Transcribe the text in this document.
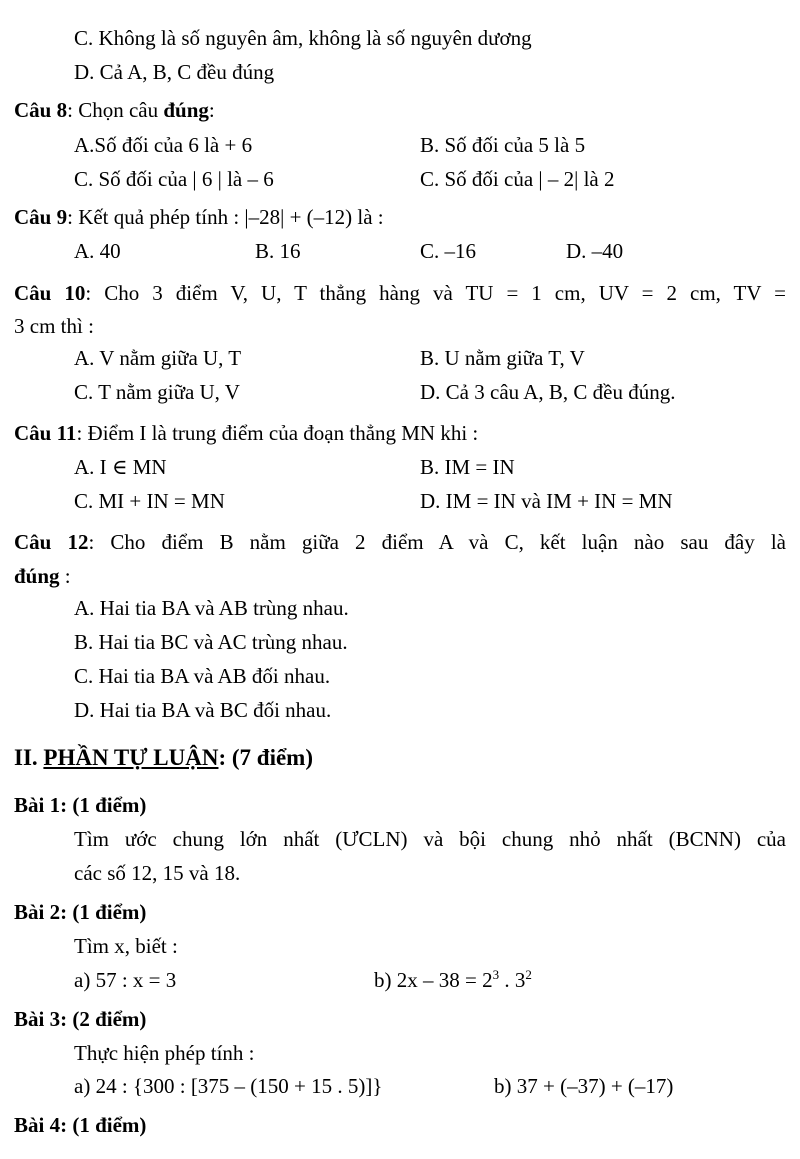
C. Không là số nguyên âm, không là số nguyên dương
D. Cả A, B, C đều đúng
Câu 8: Chọn câu đúng:
A.Số đối của 6 là + 6	B. Số đối của 5 là 5
C. Số đối của | 6 | là – 6	C. Số đối của | – 2| là 2
Câu 9: Kết quả phép tính : |–28| + (–12) là :
A. 40	B. 16	C. –16	D. –40
Câu 10: Cho 3 điểm V, U, T thẳng hàng và TU = 1 cm, UV = 2 cm, TV =
3 cm thì :
A. V nằm giữa U, T	B. U nằm giữa T, V
C. T nằm giữa U, V	D. Cả 3 câu A, B, C đều đúng.
Câu 11: Điểm I là trung điểm của đoạn thẳng MN khi :
A. I ∈ MN	B. IM = IN
C. MI + IN = MN	D. IM = IN và IM + IN = MN
Câu 12: Cho điểm B nằm giữa 2 điểm A và C, kết luận nào sau đây là
đúng :
A. Hai tia BA và AB trùng nhau.
B. Hai tia BC và AC trùng nhau.
C. Hai tia BA và AB đối nhau.
D. Hai tia BA và BC đối nhau.
II. PHẦN TỰ LUẬN: (7 điểm)
Bài 1: (1 điểm)
Tìm ước chung lớn nhất (ƯCLN) và bội chung nhỏ nhất (BCNN) của
các số 12, 15 và 18.
Bài 2: (1 điểm)
Tìm x, biết :
a) 57 : x = 3	b) $2x - 38 = 2^3$ . $3^2$
Bài 3: (2 điểm)
Thực hiện phép tính :
a) 24 : {300 : [375 – (150 + 15 . 5)]}	b) 37 + (–37) + (–17)
Bài 4: (1 điểm)
